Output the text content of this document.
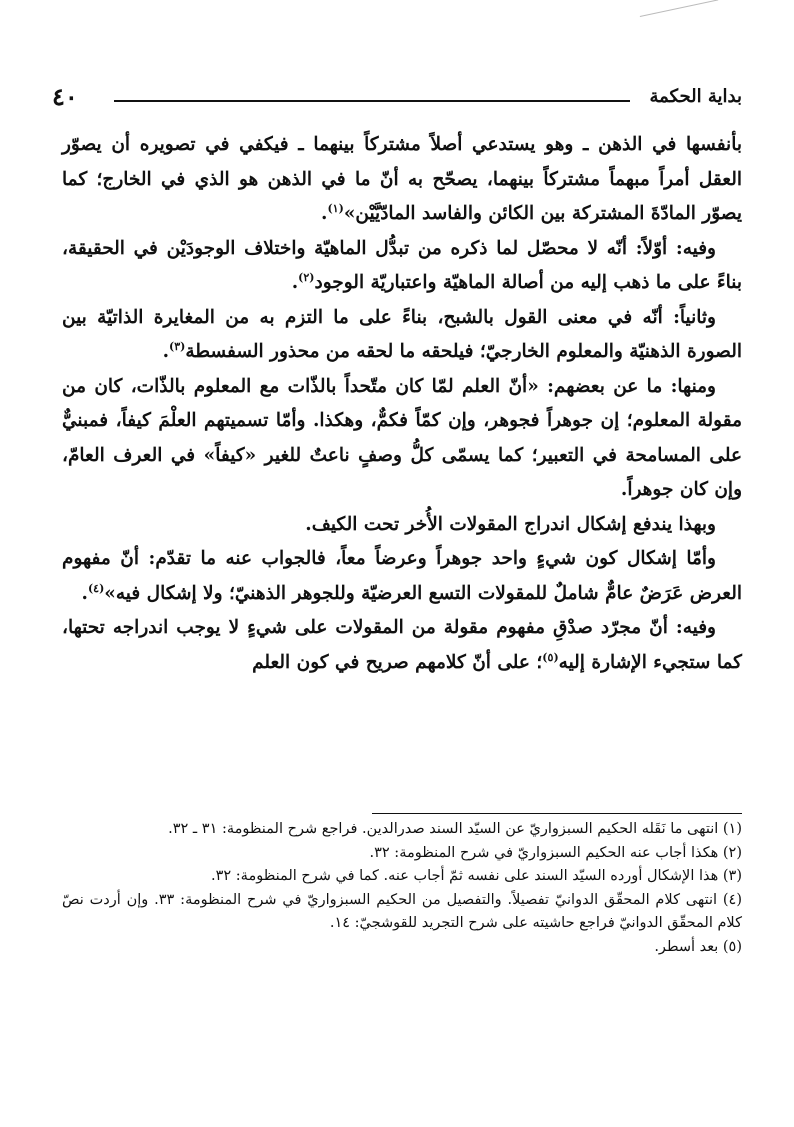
بداية الحكمة
٤٠

بأنفسها في الذهن ـ وهو يستدعي أصلاً مشتركاً بينهما ـ فيكفي في تصويره أن يصوّر العقل أمراً مبهماً مشتركاً بينهما، يصحّح به أنّ ما في الذهن هو الذي في الخارج؛ كما يصوّر المادّةَ المشتركة بين الكائن والفاسد المادّيَّيْن»$^{(١)}$.

وفيه: أوّلاً: أنّه لا محصّل لما ذكره من تبدُّل الماهيّة واختلاف الوجودَيْن في الحقيقة، بناءً على ما ذهب إليه من أصالة الماهيّة واعتباريّة الوجود$^{(٢)}$.

وثانياً: أنّه في معنى القول بالشبح، بناءً على ما التزم به من المغايرة الذاتيّة بين الصورة الذهنيّة والمعلوم الخارجيّ؛ فيلحقه ما لحقه من محذور السفسطة$^{(٣)}$.

ومنها: ما عن بعضهم: «أنّ العلم لمّا كان متّحداً بالذّات مع المعلوم بالذّات، كان من مقولة المعلوم؛ إن جوهراً فجوهر، وإن كمّاً فكمٌّ، وهكذا. وأمّا تسميتهم العلْمَ كيفاً، فمبنيٌّ على المسامحة في التعبير؛ كما يسمّى كلُّ وصفٍ ناعتٌ للغير «كيفاً» في العرف العامّ، وإن كان جوهراً.

وبهذا يندفع إشكال اندراج المقولات الأُخر تحت الكيف.

وأمّا إشكال كون شيءٍ واحد جوهراً وعرضاً معاً، فالجواب عنه ما تقدّم: أنّ مفهوم العرض عَرَضٌ عامٌّ شاملٌ للمقولات التسع العرضيّة وللجوهر الذهنيّ؛ ولا إشكال فيه»$^{(٤)}$.

وفيه: أنّ مجرّد صدْقِ مفهوم مقولة من المقولات على شيءٍ لا يوجب اندراجه تحتها، كما ستجيء الإشارة إليه$^{(٥)}$؛ على أنّ كلامهم صريح في كون العلم

(١) انتهى ما نَقَله الحكيم السبزواريّ عن السيّد السند صدرالدين. فراجع شرح المنظومة: ٣١ ـ ٣٢.

(٢) هكذا أجاب عنه الحكيم السبزواريّ في شرح المنظومة: ٣٢.

(٣) هذا الإشكال أورده السيّد السند على نفسه ثمّ أجاب عنه. كما في شرح المنظومة: ٣٢.

(٤) انتهى كلام المحقّق الدوانيّ تفصيلاً. والتفصيل من الحكيم السبزواريّ في شرح المنظومة: ٣٣. وإن أردت نصّ كلام المحقّق الدوانيّ فراجع حاشيته على شرح التجريد للقوشجيّ: ١٤.

(٥) بعد أسطر.
